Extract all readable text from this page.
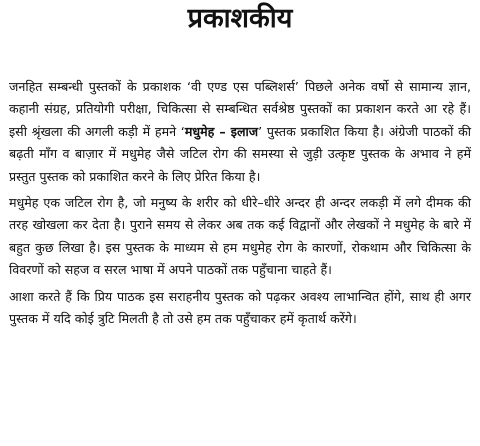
प्रकाशकीय

जनहित सम्बन्धी पुस्तकों के प्रकाशक ‘वी एण्ड एस पब्लिशर्स’ पिछले अनेक वर्षो से सामान्य ज्ञान, कहानी संग्रह, प्रतियोगी परीक्षा, चिकित्सा से सम्बन्धित सर्वश्रेष्ठ पुस्तकों का प्रकाशन करते आ रहे हैं। इसी श्रृंखला की अगली कड़ी में हमने ‘मधुमेह – इलाज’ पुस्तक प्रकाशित किया है। अंग्रेजी पाठकों की बढ़ती माँग व बाज़ार में मधुमेह जैसे जटिल रोग की समस्या से जुड़ी उत्कृष्ट पुस्तक के अभाव ने हमें प्रस्तुत पुस्तक को प्रकाशित करने के लिए प्रेरित किया है।

मधुमेह एक जटिल रोग है, जो मनुष्य के शरीर को धीरे–धीरे अन्दर ही अन्दर लकड़ी में लगे दीमक की तरह खोखला कर देता है। पुराने समय से लेकर अब तक कई विद्वानों और लेखकों ने मधुमेह के बारे में बहुत कुछ लिखा है। इस पुस्तक के माध्यम से हम मधुमेह रोग के कारणों, रोकथाम और चिकित्सा के विवरणों को सहज व सरल भाषा में अपने पाठकों तक पहुँचाना चाहते हैं।

आशा करते हैं कि प्रिय पाठक इस सराहनीय पुस्तक को पढ़कर अवश्य लाभान्वित होंगे, साथ ही अगर पुस्तक में यदि कोई त्रुटि मिलती है तो उसे हम तक पहुँचाकर हमें कृतार्थ करेंगे।
